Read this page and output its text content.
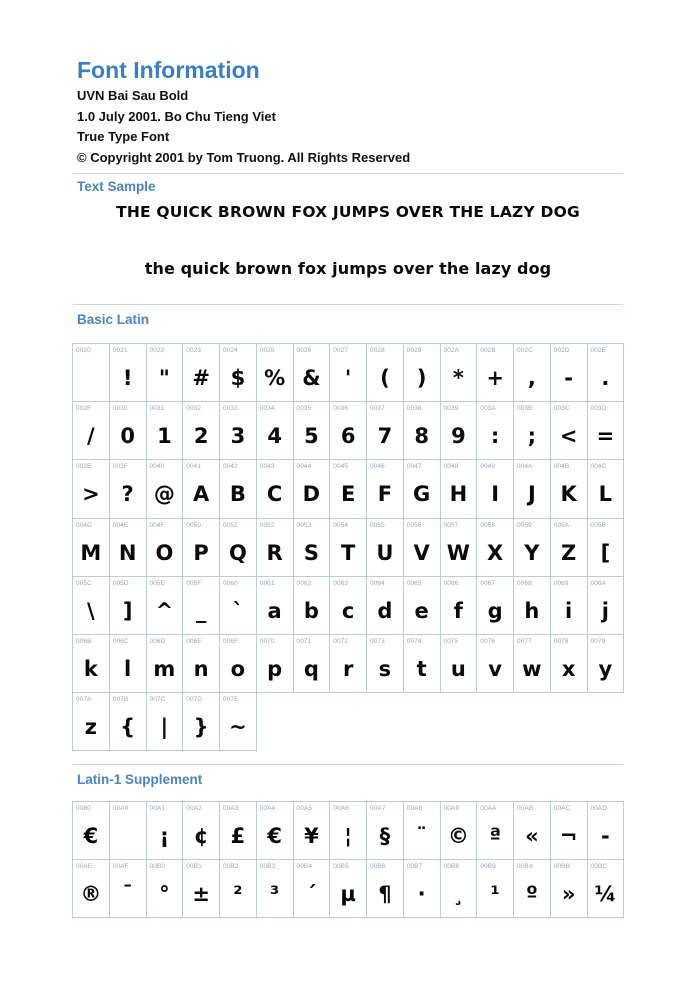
Font Information
UVN Bai Sau Bold
1.0 July 2001. Bo Chu Tieng Viet
True Type Font
© Copyright 2001 by Tom Truong. All Rights Reserved
Text Sample
THE QUICK BROWN FOX JUMPS OVER THE LAZY DOG
the quick brown fox jumps over the lazy dog
Basic Latin
0020	0021
!
0022
"
0023
#
0024
$
0025
%
0026
&
0027
'
0028
(
0029
)
002A
*
002B
+
002C
,
002D
-
002E
.
002F
/
0030
0
0031
1
0032
2
0033
3
0034
4
0035
5
0036
6
0037
7
0038
8
0039
9
003A
:
003B
;
003C
<
003D
=
003E
>
003F
?
0040
@
0041
A
0042
B
0043
C
0044
D
0045
E
0046
F
0047
G
0048
H
0049
I
004A
J
004B
K
004C
L
004D
M
004E
N
004F
O
0050
P
0051
Q
0052
R
0053
S
0054
T
0055
U
0056
V
0057
W
0058
X
0059
Y
005A
Z
005B
[
005C
\
005D
]
005E
^
005F
_
0060
`
0061
a
0062
b
0063
c
0064
d
0065
e
0066
f
0067
g
0068
h
0069
i
006A
j
006B
k
006C
l
006D
m
006E
n
006F
o
0070
p
0071
q
0072
r
0073
s
0074
t
0075
u
0076
v
0077
w
0078
x
0079
y
007A
z
007B
{
007C
|
007D
}
007E
~
Latin-1 Supplement
0080
€
00A0	00A1
¡
00A2
¢
00A3
£
00A4
€
00A5
¥
00A6
¦
00A7
§
00A8
¨
00A9
©
00AA
ª
00AB
«
00AC
¬
00AD
-
00AE
®
00AF
¯
00B0
°
00B1
±
00B2
²
00B3
³
00B4
´
00B5
µ
00B6
¶
00B7
·
00B8
¸
00B9
¹
00BA
º
00BB
»
00BC
¼
